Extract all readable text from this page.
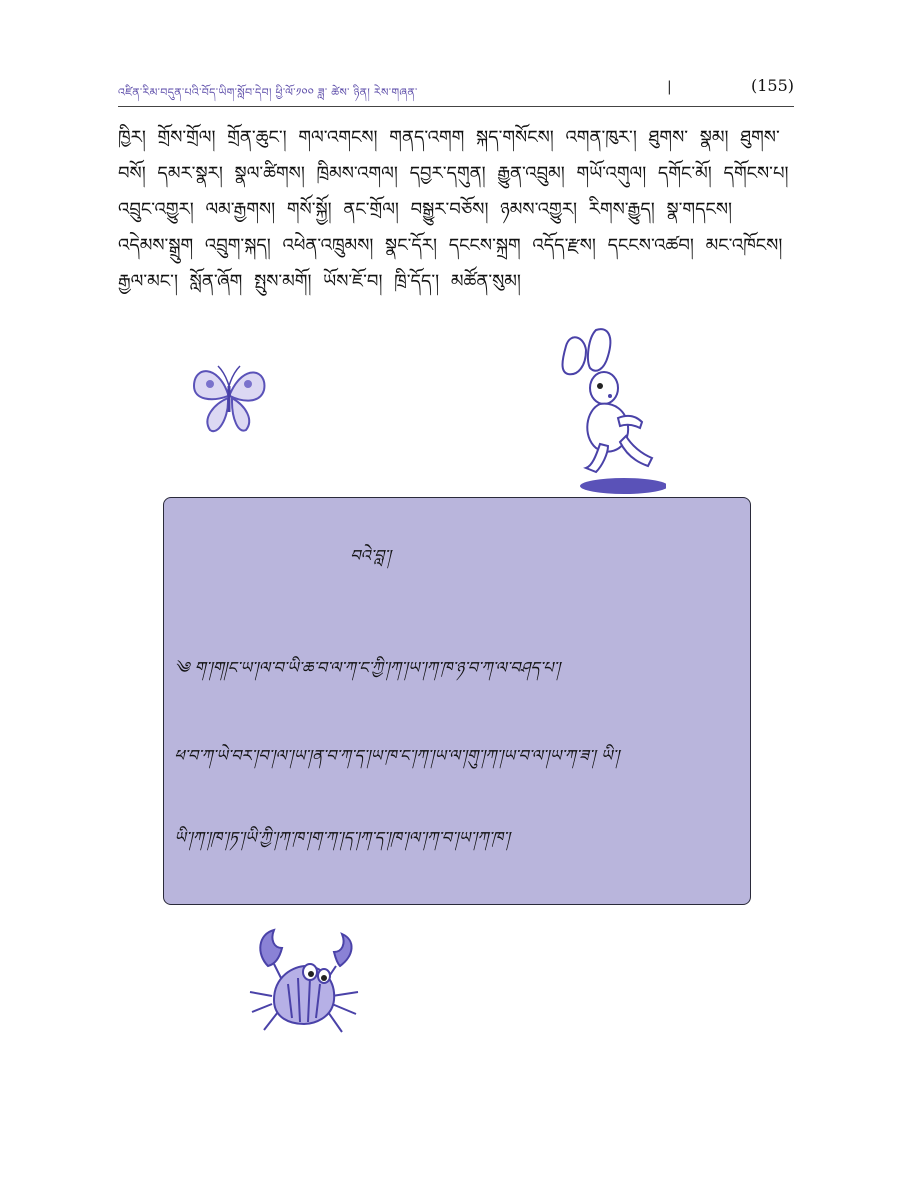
འཛིན་རིམ་བདུན་པའི་བོད་ཡིག་སློབ་དེབ། ཕྱི་ལོ་༡༠༠ ཟླ་ ཚེས་ ཉིན། རེས་གཞན་	|	(155)
ཁྱིར། གྲོས་གྲོལ། གྲོན་ཆུང་། གལ་འགངས། གནད་འགག སྐད་གསོངས། འགན་ཁུར་། ཐུགས་ སྣམ། ཐུགས་བསོ། དམར་སྣར། སྣལ་ཚིགས། ཁྲིམས་འགལ། དབྱར་དགུན། རྒྱུན་འབྲུམ། གཡོ་འགུལ། དགོང་མོ། དགོངས་པ། འབྲུང་འགྱུར། ལམ་རྒྱགས། གསོ་སྐྱོ། ནང་གྲོལ། བསྒྱུར་བཅོས། ཉམས་འགྱུར། རིགས་རྒྱུད། སྣ་གདངས། འདེམས་སྒྲུག འབྲུག་སྐད། འཕེན་འཁྲུམས། སྣང་དོར། དངངས་སྐྲག འདོད་རྫས། དངངས་འཚབ། མང་འཁོངས། རྒྱལ་མང་། སློན་ཞོག སྤུས་མགོ། ཡོས་ཇོ་བ། ཁྲི་དོད་། མཚོན་སུམ།
བའེ་བླ་།
༄ ག་།ག།ང་ཡ་།ལ་བ་ཡི་ཆ་བ་ལ་ཀ་ང་ཀྱི་།ཀ་།ཡ་།ཀ་ཁ་ཉ་བ་ཀ་ལ་བཤད་པ་།
ཕ་བ་ཀ་ཡེ་བར་།བ་།ལ་།ཡ་།ན་བ་ཀ་ད་།ཡ་ཁ་ང་།ཀ་།ཡ་ལ་།གུ་།ཀ་།ཡ་བ་ལ་།ཡ་ཀ་ཟ་། ཡི་།
ཡི་།ཀ་།ཁ་།ཏ་།ཡི་ཀྱི་།ཀ་ཁ་།ག་ཀ་།ད་།ཀ་ད་།ཁ་།ལ་།ཀ་བ་།ཡ་།ཀ་ཁ་།
